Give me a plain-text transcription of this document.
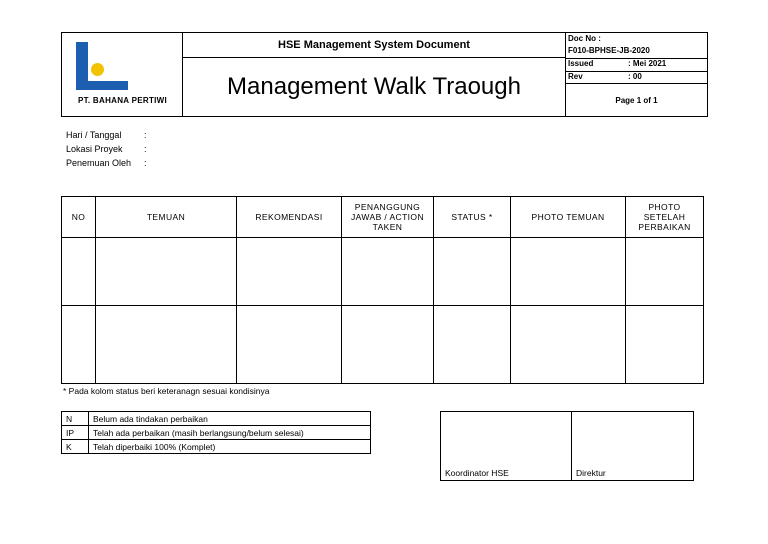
PT. BAHANA PERTIWI
HSE Management System Document
Management Walk Traough
Doc No :
F010-BPHSE-JB-2020
Issued	: Mei 2021
Rev	: 00
Page 1 of 1
Hari / Tanggal	:
Lokasi Proyek	:
Penemuan Oleh	:
NO	TEMUAN	REKOMENDASI	PENANGGUNG JAWAB / ACTION TAKEN	STATUS *	PHOTO TEMUAN	PHOTO SETELAH PERBAIKAN

* Pada kolom status beri keteranagn sesuai kondisinya
N	Belum ada tindakan perbaikan
IP	Telah ada perbaikan (masih berlangsung/belum selesai)
K	Telah diperbaiki 100% (Komplet)
Koordinator HSE	Direktur
